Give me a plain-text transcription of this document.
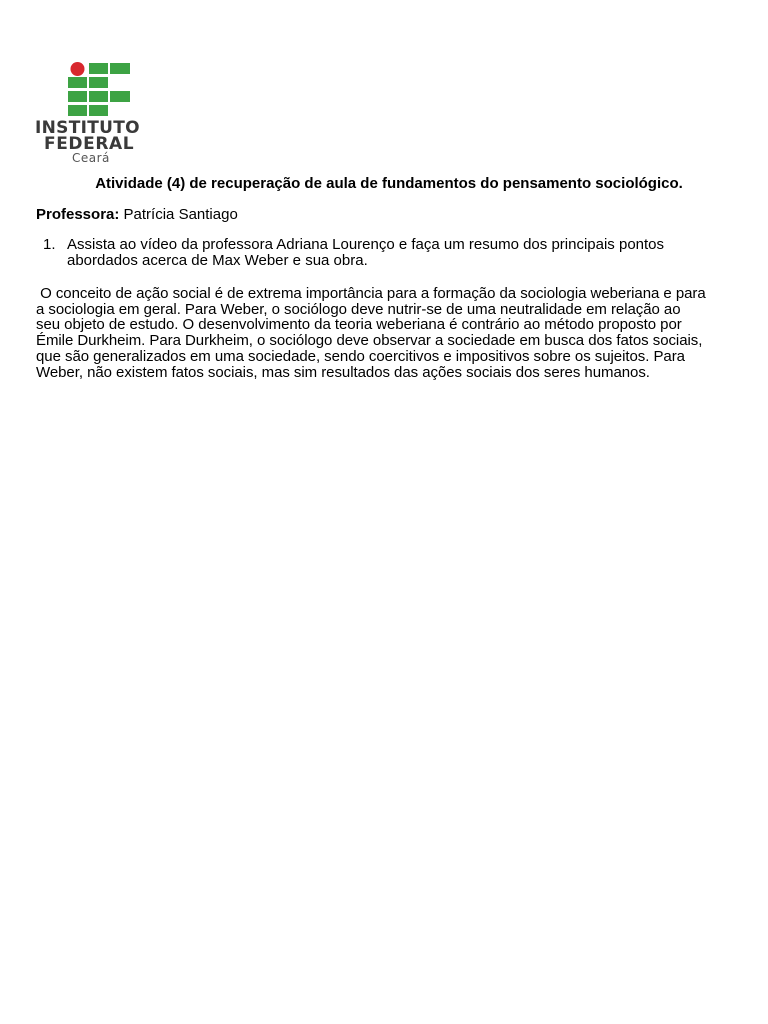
INSTITUTO
FEDERAL
Ceará
Atividade (4) de recuperação de aula de fundamentos do pensamento sociológico.
Professora: Patrícia Santiago
1. Assista ao vídeo da professora Adriana Lourenço e faça um resumo dos principais pontos
abordados acerca de Max Weber e sua obra.
O conceito de ação social é de extrema importância para a formação da sociologia weberiana e para
a sociologia em geral. Para Weber, o sociólogo deve nutrir-se de uma neutralidade em relação ao
seu objeto de estudo. O desenvolvimento da teoria weberiana é contrário ao método proposto por
Émile Durkheim. Para Durkheim, o sociólogo deve observar a sociedade em busca dos fatos sociais,
que são generalizados em uma sociedade, sendo coercitivos e impositivos sobre os sujeitos. Para
Weber, não existem fatos sociais, mas sim resultados das ações sociais dos seres humanos.
